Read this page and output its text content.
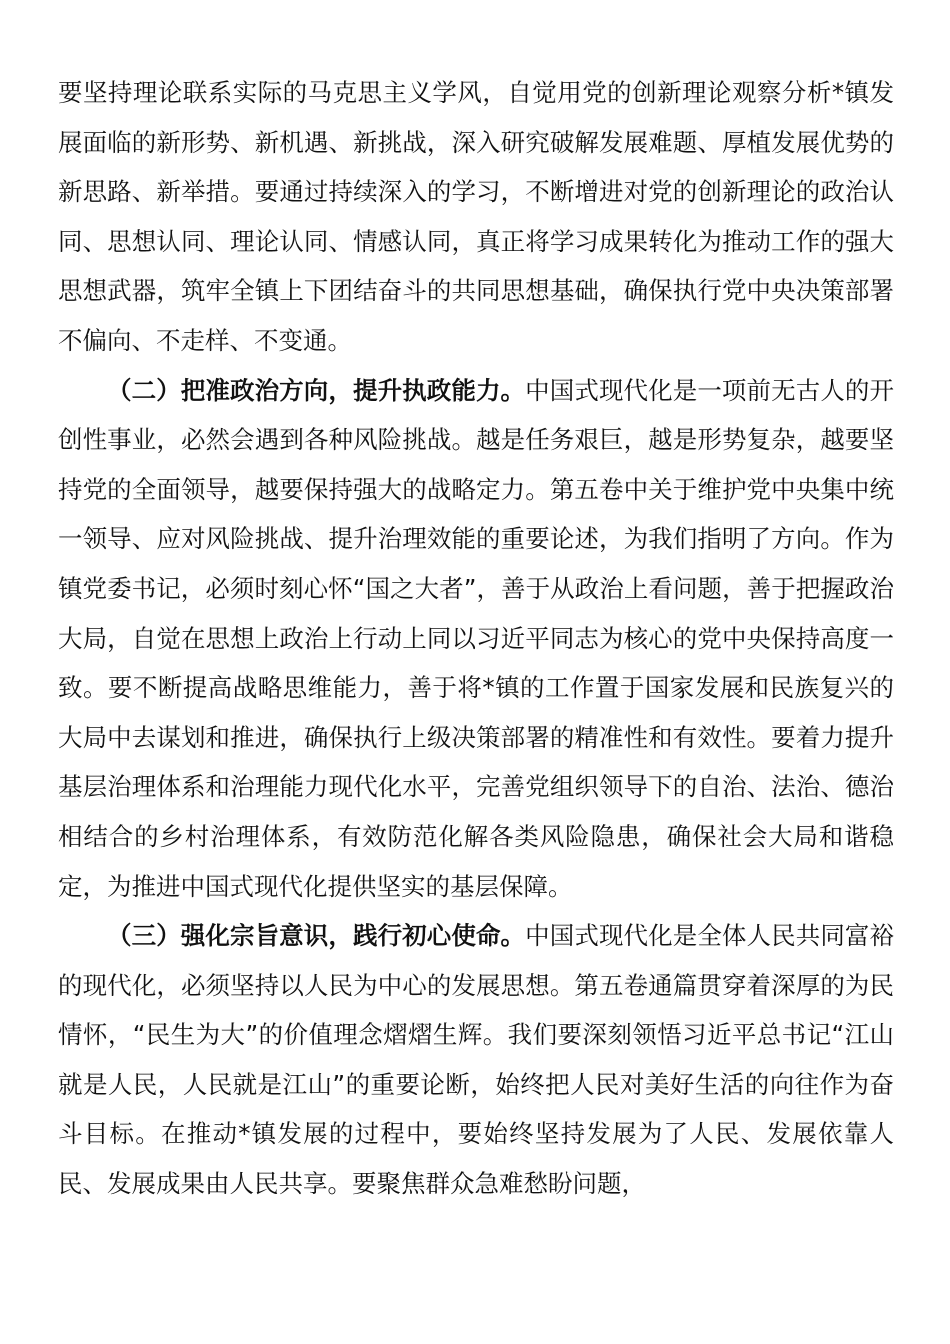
要坚持理论联系实际的马克思主义学风，自觉用党的创新理论观察分析*镇发展面临的新形势、新机遇、新挑战，深入研究破解发展难题、厚植发展优势的新思路、新举措。要通过持续深入的学习，不断增进对党的创新理论的政治认同、思想认同、理论认同、情感认同，真正将学习成果转化为推动工作的强大思想武器，筑牢全镇上下团结奋斗的共同思想基础，确保执行党中央决策部署不偏向、不走样、不变通。

（二）把准政治方向，提升执政能力。中国式现代化是一项前无古人的开创性事业，必然会遇到各种风险挑战。越是任务艰巨，越是形势复杂，越要坚持党的全面领导，越要保持强大的战略定力。第五卷中关于维护党中央集中统一领导、应对风险挑战、提升治理效能的重要论述，为我们指明了方向。作为镇党委书记，必须时刻心怀“国之大者”，善于从政治上看问题，善于把握政治大局，自觉在思想上政治上行动上同以习近平同志为核心的党中央保持高度一致。要不断提高战略思维能力，善于将*镇的工作置于国家发展和民族复兴的大局中去谋划和推进，确保执行上级决策部署的精准性和有效性。要着力提升基层治理体系和治理能力现代化水平，完善党组织领导下的自治、法治、德治相结合的乡村治理体系，有效防范化解各类风险隐患，确保社会大局和谐稳定，为推进中国式现代化提供坚实的基层保障。

（三）强化宗旨意识，践行初心使命。中国式现代化是全体人民共同富裕的现代化，必须坚持以人民为中心的发展思想。第五卷通篇贯穿着深厚的为民情怀，“民生为大”的价值理念熠熠生辉。我们要深刻领悟习近平总书记“江山就是人民，人民就是江山”的重要论断，始终把人民对美好生活的向往作为奋斗目标。在推动*镇发展的过程中，要始终坚持发展为了人民、发展依靠人民、发展成果由人民共享。要聚焦群众急难愁盼问题，
